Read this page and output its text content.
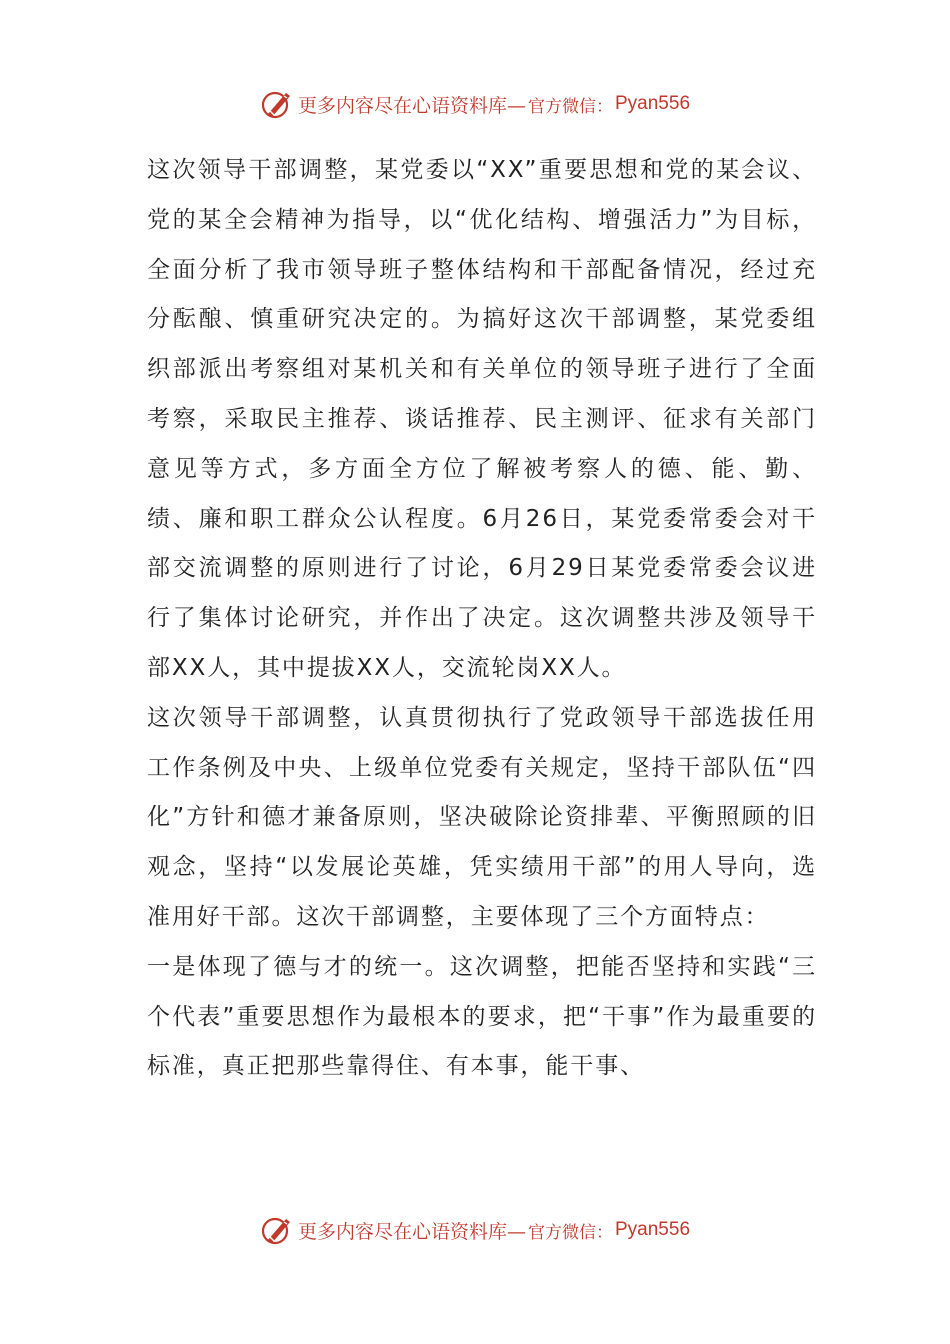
更多内容尽在心语资料库— 官方微信： Pyan556

这次领导干部调整，某党委以“XX”重要思想和党的某会议、党的某全会精神为指导，以“优化结构、增强活力”为目标，全面分析了我市领导班子整体结构和干部配备情况，经过充分酝酿、慎重研究决定的。为搞好这次干部调整，某党委组织部派出考察组对某机关和有关单位的领导班子进行了全面考察，采取民主推荐、谈话推荐、民主测评、征求有关部门意见等方式，多方面全方位了解被考察人的德、能、勤、绩、廉和职工群众公认程度。6月26日，某党委常委会对干部交流调整的原则进行了讨论，6月29日某党委常委会议进行了集体讨论研究，并作出了决定。这次调整共涉及领导干部XX人，其中提拔XX人，交流轮岗XX人。

这次领导干部调整，认真贯彻执行了党政领导干部选拔任用工作条例及中央、上级单位党委有关规定，坚持干部队伍“四化”方针和德才兼备原则，坚决破除论资排辈、平衡照顾的旧观念，坚持“以发展论英雄，凭实绩用干部”的用人导向，选准用好干部。这次干部调整，主要体现了三个方面特点：

一是体现了德与才的统一。这次调整，把能否坚持和实践“三个代表”重要思想作为最根本的要求，把“干事”作为最重要的标准，真正把那些靠得住、有本事，能干事、

更多内容尽在心语资料库— 官方微信： Pyan556
